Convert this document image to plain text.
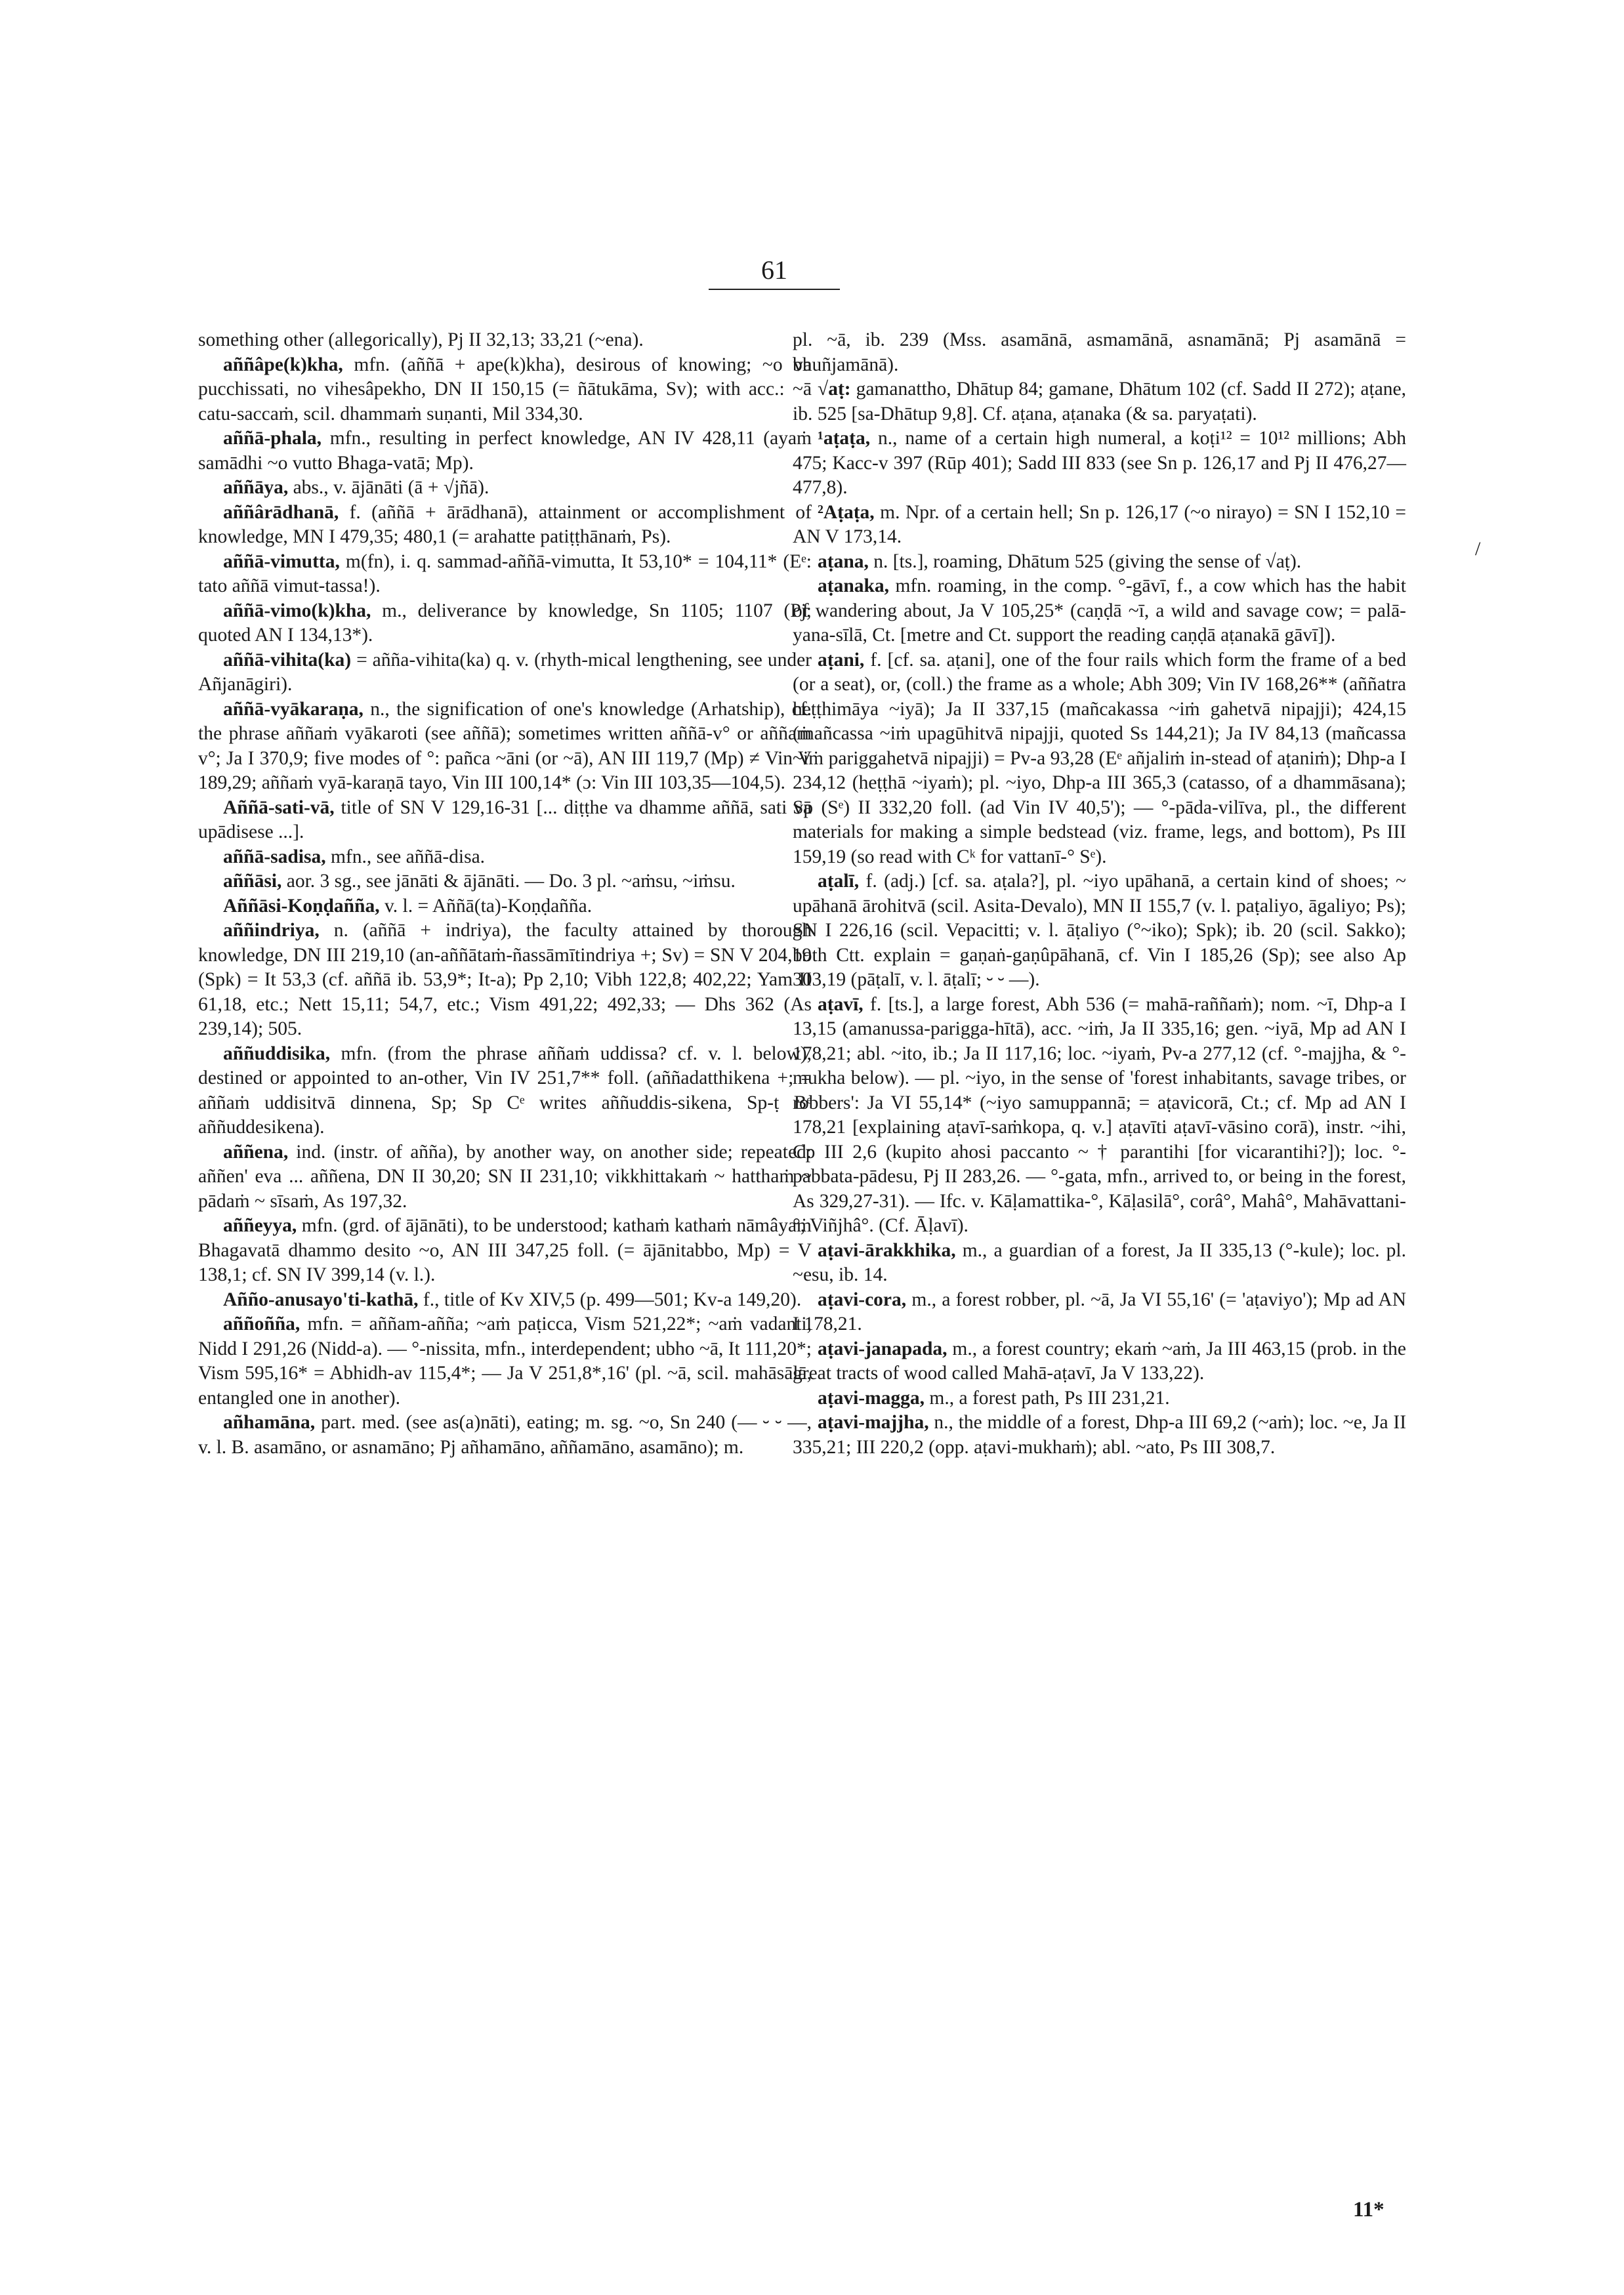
61
/

something other (allegorically), Pj II 32,13; 33,21 (~ena).

aññâpe(k)kha, mfn. (aññā + ape(k)kha), desirous of knowing; ~o va pucchissati, no vihesâpekho, DN II 150,15 (= ñātukāma, Sv); with acc.: ~ā catu-saccaṁ, scil. dhammaṁ suṇanti, Mil 334,30.

aññā-phala, mfn., resulting in perfect knowledge, AN IV 428,11 (ayaṁ samādhi ~o vutto Bhaga-vatā; Mp).

aññāya, abs., v. ājānāti (ā + √jñā).

aññârādhanā, f. (aññā + ārādhanā), attainment or accomplishment of knowledge, MN I 479,35; 480,1 (= arahatte patiṭṭhānaṁ, Ps).

aññā-vimutta, m(fn), i. q. sammad-aññā-vimutta, It 53,10* = 104,11* (Eᵉ: tato aññā vimut-tassa!).

aññā-vimo(k)kha, m., deliverance by knowledge, Sn 1105; 1107 (Pj; quoted AN I 134,13*).

aññā-vihita(ka) = añña-vihita(ka) q. v. (rhyth-mical lengthening, see under Añjanāgiri).

aññā-vyākaraṇa, n., the signification of one's knowledge (Arhatship), cf. the phrase aññaṁ vyākaroti (see aññā); sometimes written aññā-v° or aññaṁ v°; Ja I 370,9; five modes of °: pañca ~āni (or ~ā), AN III 119,7 (Mp) ≠ Vin V 189,29; aññaṁ vyā-karaṇā tayo, Vin III 100,14* (ɔ: Vin III 103,35—104,5).

Aññā-sati-vā, title of SN V 129,16-31 [... diṭṭhe va dhamme aññā, sati vā upādisese ...].

aññā-sadisa, mfn., see aññā-disa.

aññāsi, aor. 3 sg., see jānāti & ājānāti. — Do. 3 pl. ~aṁsu, ~iṁsu.

Aññāsi-Koṇḍañña, v. l. = Aññā(ta)-Koṇḍañña.

aññindriya, n. (aññā + indriya), the faculty attained by thorough knowledge, DN III 219,10 (an-aññātaṁ-ñassāmītindriya +; Sv) = SN V 204,19 (Spk) = It 53,3 (cf. aññā ib. 53,9*; It-a); Pp 2,10; Vibh 122,8; 402,22; Yam II 61,18, etc.; Nett 15,11; 54,7, etc.; Vism 491,22; 492,33; — Dhs 362 (As 239,14); 505.

aññuddisika, mfn. (from the phrase aññaṁ uddissa? cf. v. l. below), destined or appointed to an-other, Vin IV 251,7** foll. (aññadatthikena +; = aññaṁ uddisitvā dinnena, Sp; Sp Cᵉ writes aññuddis-sikena, Sp-ṭ Bᵉ aññuddesikena).

aññena, ind. (instr. of añña), by another way, on another side; repeated: aññen' eva ... aññena, DN II 30,20; SN II 231,10; vikkhittakaṁ ~ hatthaṁ ~ pādaṁ ~ sīsaṁ, As 197,32.

aññeyya, mfn. (grd. of ājānāti), to be understood; kathaṁ kathaṁ nāmâyaṁ Bhagavatā dhammo desito ~o, AN III 347,25 foll. (= ājānitabbo, Mp) = V 138,1; cf. SN IV 399,14 (v. l.).

Añño-anusayo'ti-kathā, f., title of Kv XIV,5 (p. 499—501; Kv-a 149,20).

aññoñña, mfn. = aññam-añña; ~aṁ paṭicca, Vism 521,22*; ~aṁ vadanti, Nidd I 291,26 (Nidd-a). — °-nissita, mfn., interdependent; ubho ~ā, It 111,20*; Vism 595,16* = Abhidh-av 115,4*; — Ja V 251,8*,16' (pl. ~ā, scil. mahāsālā, entangled one in another).

añhamāna, part. med. (see as(a)nāti), eating; m. sg. ~o, Sn 240 (— ⏑ ⏑ —, v. l. B. asamāno, or asnamāno; Pj añhamāno, aññamāno, asamāno); m.

pl. ~ā, ib. 239 (Mss. asamānā, asmamānā, asnamānā; Pj asamānā = bhuñjamānā).

√aṭ: gamanattho, Dhātup 84; gamane, Dhātum 102 (cf. Sadd II 272); aṭane, ib. 525 [sa-Dhātup 9,8]. Cf. aṭana, aṭanaka (& sa. paryaṭati).

¹aṭaṭa, n., name of a certain high numeral, a koṭi¹² = 10¹² millions; Abh 475; Kacc-v 397 (Rūp 401); Sadd III 833 (see Sn p. 126,17 and Pj II 476,27—477,8).

²Aṭaṭa, m. Npr. of a certain hell; Sn p. 126,17 (~o nirayo) = SN I 152,10 = AN V 173,14.

aṭana, n. [ts.], roaming, Dhātum 525 (giving the sense of √aṭ).

aṭanaka, mfn. roaming, in the comp. °-gāvī, f., a cow which has the habit of wandering about, Ja V 105,25* (caṇḍā ~ī, a wild and savage cow; = palā-yana-sīlā, Ct. [metre and Ct. support the reading caṇḍā aṭanakā gāvī]).

aṭani, f. [cf. sa. aṭani], one of the four rails which form the frame of a bed (or a seat), or, (coll.) the frame as a whole; Abh 309; Vin IV 168,26** (aññatra heṭṭhimāya ~iyā); Ja II 337,15 (mañcakassa ~iṁ gahetvā nipajji); 424,15 (mañcassa ~iṁ upagūhitvā nipajji, quoted Ss 144,21); Ja IV 84,13 (mañcassa ~iṁ pariggahetvā nipajji) = Pv-a 93,28 (Eᵉ añjaliṁ in-stead of aṭaniṁ); Dhp-a I 234,12 (heṭṭhā ~iyaṁ); pl. ~iyo, Dhp-a III 365,3 (catasso, of a dhammāsana); Sp (Sᵉ) II 332,20 foll. (ad Vin IV 40,5'); — °-pāda-vilīva, pl., the different materials for making a simple bedstead (viz. frame, legs, and bottom), Ps III 159,19 (so read with Cᵏ for vattanī-° Sᵉ).

aṭalī, f. (adj.) [cf. sa. aṭala?], pl. ~iyo upāhanā, a certain kind of shoes; ~ upāhanā ārohitvā (scil. Asita-Devalo), MN II 155,7 (v. l. paṭaliyo, āgaliyo; Ps); SN I 226,16 (scil. Vepacitti; v. l. āṭaliyo (°~iko); Spk); ib. 20 (scil. Sakko); both Ctt. explain = gaṇaṅ-gaṇûpāhanā, cf. Vin I 185,26 (Sp); see also Ap 303,19 (pāṭalī, v. l. āṭalī; ⏑ ⏑ —).

aṭavī, f. [ts.], a large forest, Abh 536 (= mahā-raññaṁ); nom. ~ī, Dhp-a I 13,15 (amanussa-parigga-hītā), acc. ~iṁ, Ja II 335,16; gen. ~iyā, Mp ad AN I 178,21; abl. ~ito, ib.; Ja II 117,16; loc. ~iyaṁ, Pv-a 277,12 (cf. °-majjha, & °-mukha below). — pl. ~iyo, in the sense of 'forest inhabitants, savage tribes, or robbers': Ja VI 55,14* (~iyo samuppannā; = aṭavicorā, Ct.; cf. Mp ad AN I 178,21 [explaining aṭavī-saṁkopa, q. v.] aṭavīti aṭavī-vāsino corā), instr. ~ihi, Cp III 2,6 (kupito ahosi paccanto ~ † parantihi [for vicarantihi?]); loc. °-pabbata-pādesu, Pj II 283,26. — °-gata, mfn., arrived to, or being in the forest, As 329,27-31). — Ifc. v. Kāḷamattika-°, Kāḷasilā°, corâ°, Mahâ°, Mahāvattani-°, Viñjhâ°. (Cf. Āḷavī).

aṭavi-ārakkhika, m., a guardian of a forest, Ja II 335,13 (°-kule); loc. pl. ~esu, ib. 14.

aṭavi-cora, m., a forest robber, pl. ~ā, Ja VI 55,16' (= 'aṭaviyo'); Mp ad AN I 178,21.

aṭavi-janapada, m., a forest country; ekaṁ ~aṁ, Ja III 463,15 (prob. in the great tracts of wood called Mahā-aṭavī, Ja V 133,22).

aṭavi-magga, m., a forest path, Ps III 231,21.

aṭavi-majjha, n., the middle of a forest, Dhp-a III 69,2 (~aṁ); loc. ~e, Ja II 335,21; III 220,2 (opp. aṭavi-mukhaṁ); abl. ~ato, Ps III 308,7.

11*
